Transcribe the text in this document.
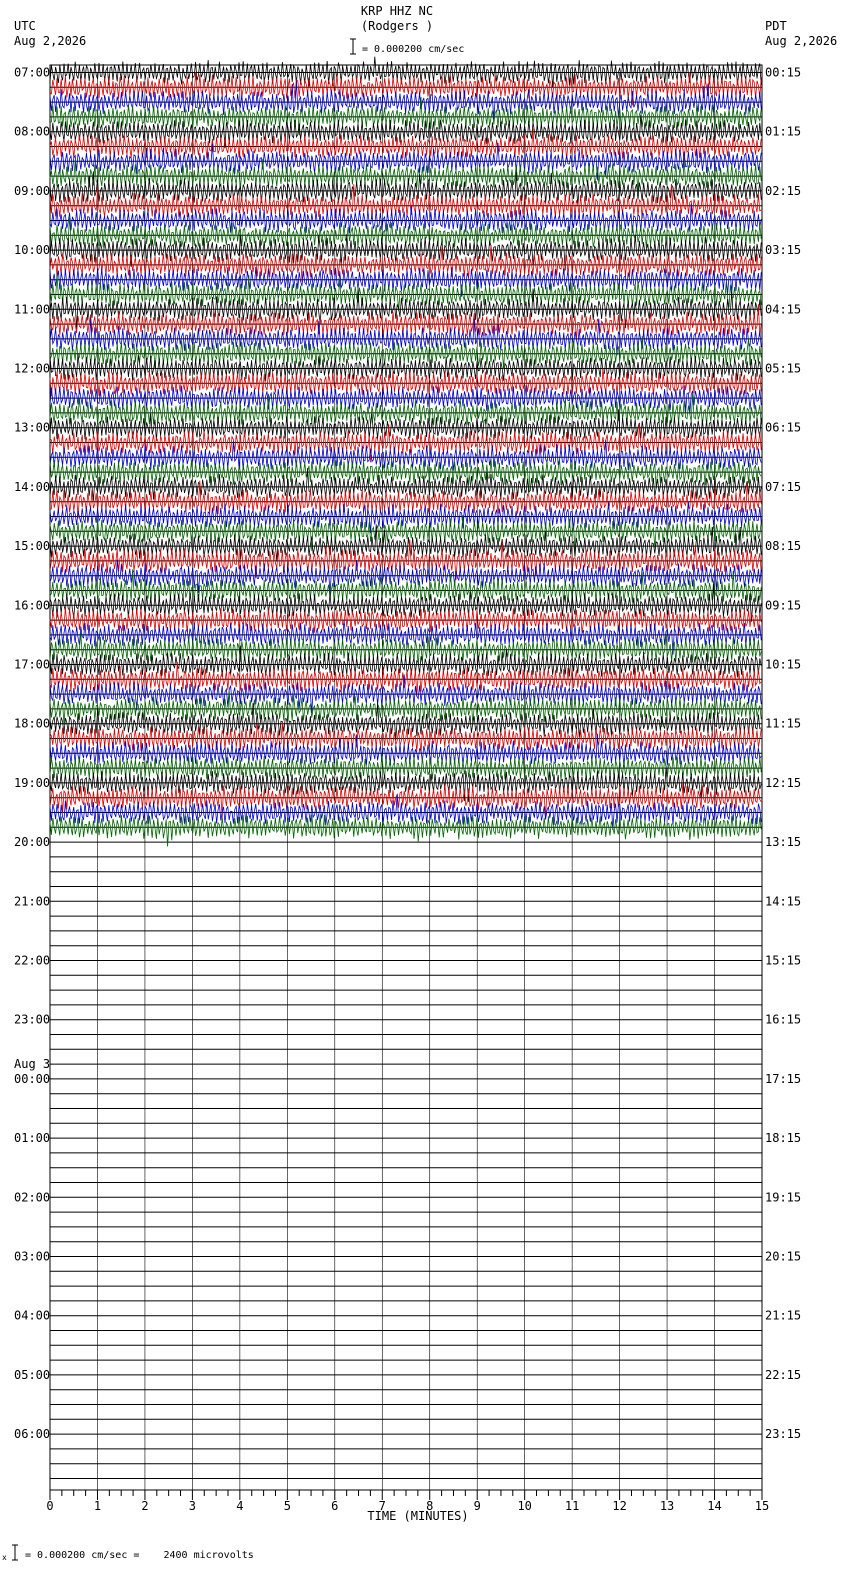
KRP HHZ NC
(Rodgers )
= 0.000200 cm/sec
UTC
Aug 2,2026
PDT
Aug 2,2026
07:00
08:00
09:00
10:00
11:00
12:00
13:00
14:00
15:00
16:00
17:00
18:00
19:00
20:00
21:00
22:00
23:00
00:00
Aug 3
01:00
02:00
03:00
04:00
05:00
06:00
00:15
01:15
02:15
03:15
04:15
05:15
06:15
07:15
08:15
09:15
10:15
11:15
12:15
13:15
14:15
15:15
16:15
17:15
18:15
19:15
20:15
21:15
22:15
23:15
0	1	2	3	4	5	6	7	8	9	10	11	12	13	14	15
TIME (MINUTES)
x = 0.000200 cm/sec =    2400 microvolts
